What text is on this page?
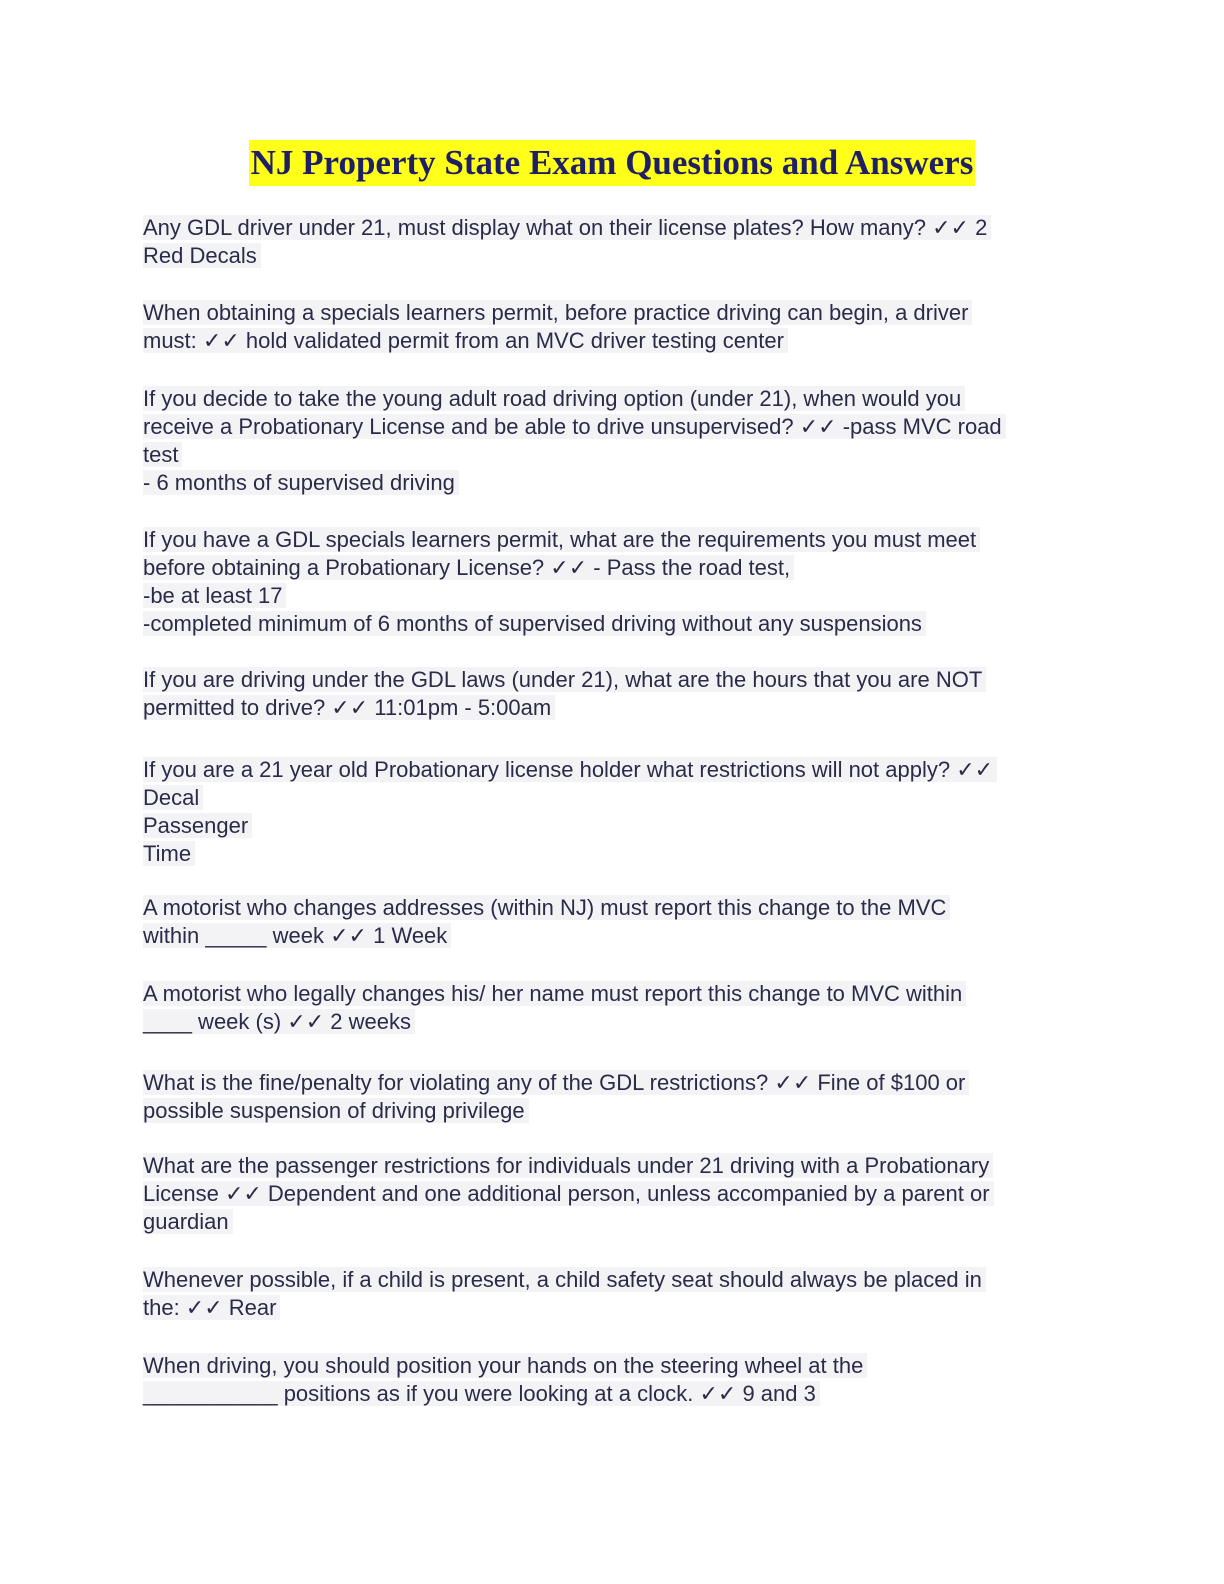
NJ Property State Exam Questions and Answers
Any GDL driver under 21, must display what on their license plates? How many? ✓✓ 2
Red Decals
When obtaining a specials learners permit, before practice driving can begin, a driver
must: ✓✓ hold validated permit from an MVC driver testing center
If you decide to take the young adult road driving option (under 21), when would you
receive a Probationary License and be able to drive unsupervised? ✓✓ -pass MVC road
test
- 6 months of supervised driving
If you have a GDL specials learners permit, what are the requirements you must meet
before obtaining a Probationary License? ✓✓ - Pass the road test,
-be at least 17
-completed minimum of 6 months of supervised driving without any suspensions
If you are driving under the GDL laws (under 21), what are the hours that you are NOT
permitted to drive? ✓✓ 11:01pm - 5:00am
If you are a 21 year old Probationary license holder what restrictions will not apply? ✓✓
Decal
Passenger
Time
A motorist who changes addresses (within NJ) must report this change to the MVC
within _____ week ✓✓ 1 Week
A motorist who legally changes his/ her name must report this change to MVC within
____ week (s) ✓✓ 2 weeks
What is the fine/penalty for violating any of the GDL restrictions? ✓✓ Fine of $100 or
possible suspension of driving privilege
What are the passenger restrictions for individuals under 21 driving with a Probationary
License ✓✓ Dependent and one additional person, unless accompanied by a parent or
guardian
Whenever possible, if a child is present, a child safety seat should always be placed in
the: ✓✓ Rear
When driving, you should position your hands on the steering wheel at the
___________ positions as if you were looking at a clock. ✓✓ 9 and 3
